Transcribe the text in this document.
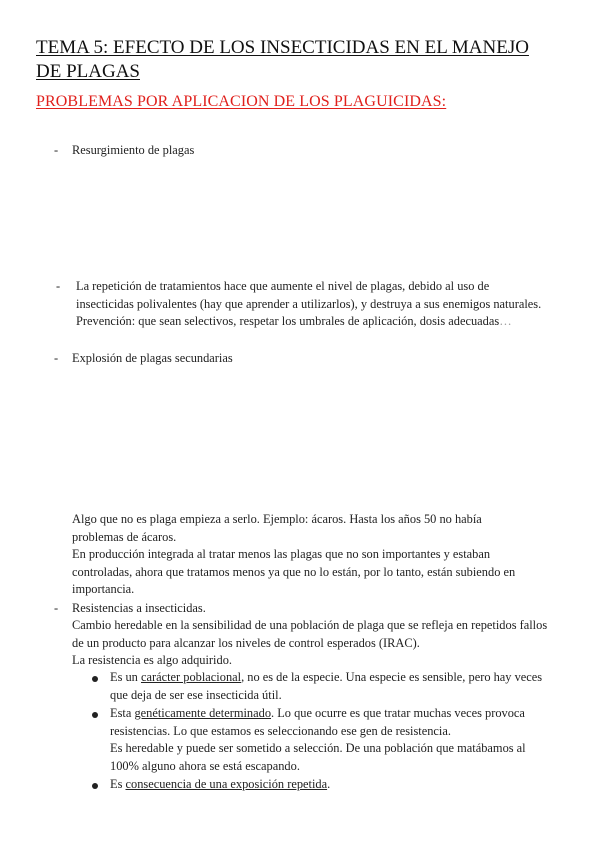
TEMA 5: EFECTO DE LOS INSECTICIDAS EN EL MANEJO DE PLAGAS
PROBLEMAS POR APLICACION DE LOS PLAGUICIDAS:
-	Resurgimiento de plagas
-	La repetición de tratamientos hace que aumente el nivel de plagas, debido al uso de insecticidas polivalentes (hay que aprender a utilizarlos), y destruya a sus enemigos naturales. Prevención: que sean selectivos, respetar los umbrales de aplicación, dosis adecuadas…
-	Explosión de plagas secundarias
Algo que no es plaga empieza a serlo. Ejemplo: ácaros. Hasta los años 50 no había problemas de ácaros.
En producción integrada al tratar menos las plagas que no son importantes y estaban controladas, ahora que tratamos menos ya que no lo están, por lo tanto, están subiendo en importancia.
-	Resistencias a insecticidas.
Cambio heredable en la sensibilidad de una población de plaga que se refleja en repetidos fallos de un producto para alcanzar los niveles de control esperados (IRAC).
La resistencia es algo adquirido.
Es un carácter poblacional, no es de la especie. Una especie es sensible, pero hay veces que deja de ser ese insecticida útil.
Esta genéticamente determinado. Lo que ocurre es que tratar muchas veces provoca resistencias. Lo que estamos es seleccionando ese gen de resistencia.
Es heredable y puede ser sometido a selección. De una población que matábamos al 100% alguno ahora se está escapando.
Es consecuencia de una exposición repetida.
